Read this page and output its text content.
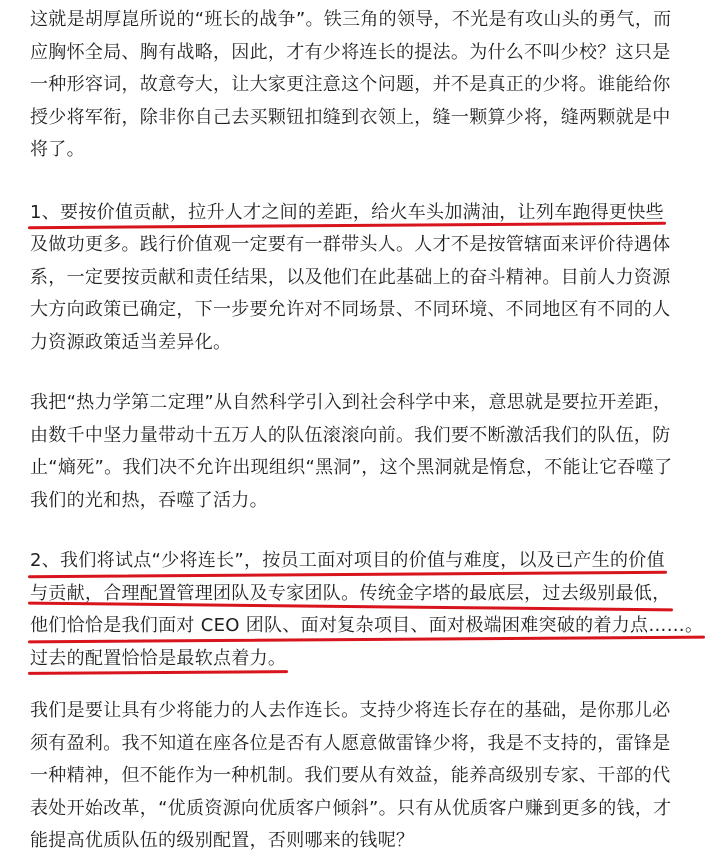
这就是胡厚崑所说的“班长的战争”。铁三角的领导，不光是有攻山头的勇气，而
应胸怀全局、胸有战略，因此，才有少将连长的提法。为什么不叫少校？这只是
一种形容词，故意夸大，让大家更注意这个问题，并不是真正的少将。谁能给你
授少将军衔，除非你自己去买颗钮扣缝到衣领上，缝一颗算少将，缝两颗就是中
将了。

1、要按价值贡献，拉升人才之间的差距，给火车头加满油，让列车跑得更快些
及做功更多。践行价值观一定要有一群带头人。人才不是按管辖面来评价待遇体
系，一定要按贡献和责任结果，以及他们在此基础上的奋斗精神。目前人力资源
大方向政策已确定，下一步要允许对不同场景、不同环境、不同地区有不同的人
力资源政策适当差异化。

我把“热力学第二定理”从自然科学引入到社会科学中来，意思就是要拉开差距，
由数千中坚力量带动十五万人的队伍滚滚向前。我们要不断激活我们的队伍，防
止“熵死”。我们决不允许出现组织“黑洞”，这个黑洞就是惰怠，不能让它吞噬了
我们的光和热，吞噬了活力。

2、我们将试点“少将连长”，按员工面对项目的价值与难度，以及已产生的价值
与贡献，合理配置管理团队及专家团队。传统金字塔的最底层，过去级别最低，
他们恰恰是我们面对 CEO 团队、面对复杂项目、面对极端困难突破的着力点……。
过去的配置恰恰是最软点着力。

我们是要让具有少将能力的人去作连长。支持少将连长存在的基础，是你那儿必
须有盈利。我不知道在座各位是否有人愿意做雷锋少将，我是不支持的，雷锋是
一种精神，但不能作为一种机制。我们要从有效益，能养高级别专家、干部的代
表处开始改革，“优质资源向优质客户倾斜”。只有从优质客户赚到更多的钱，才
能提高优质队伍的级别配置，否则哪来的钱呢？
